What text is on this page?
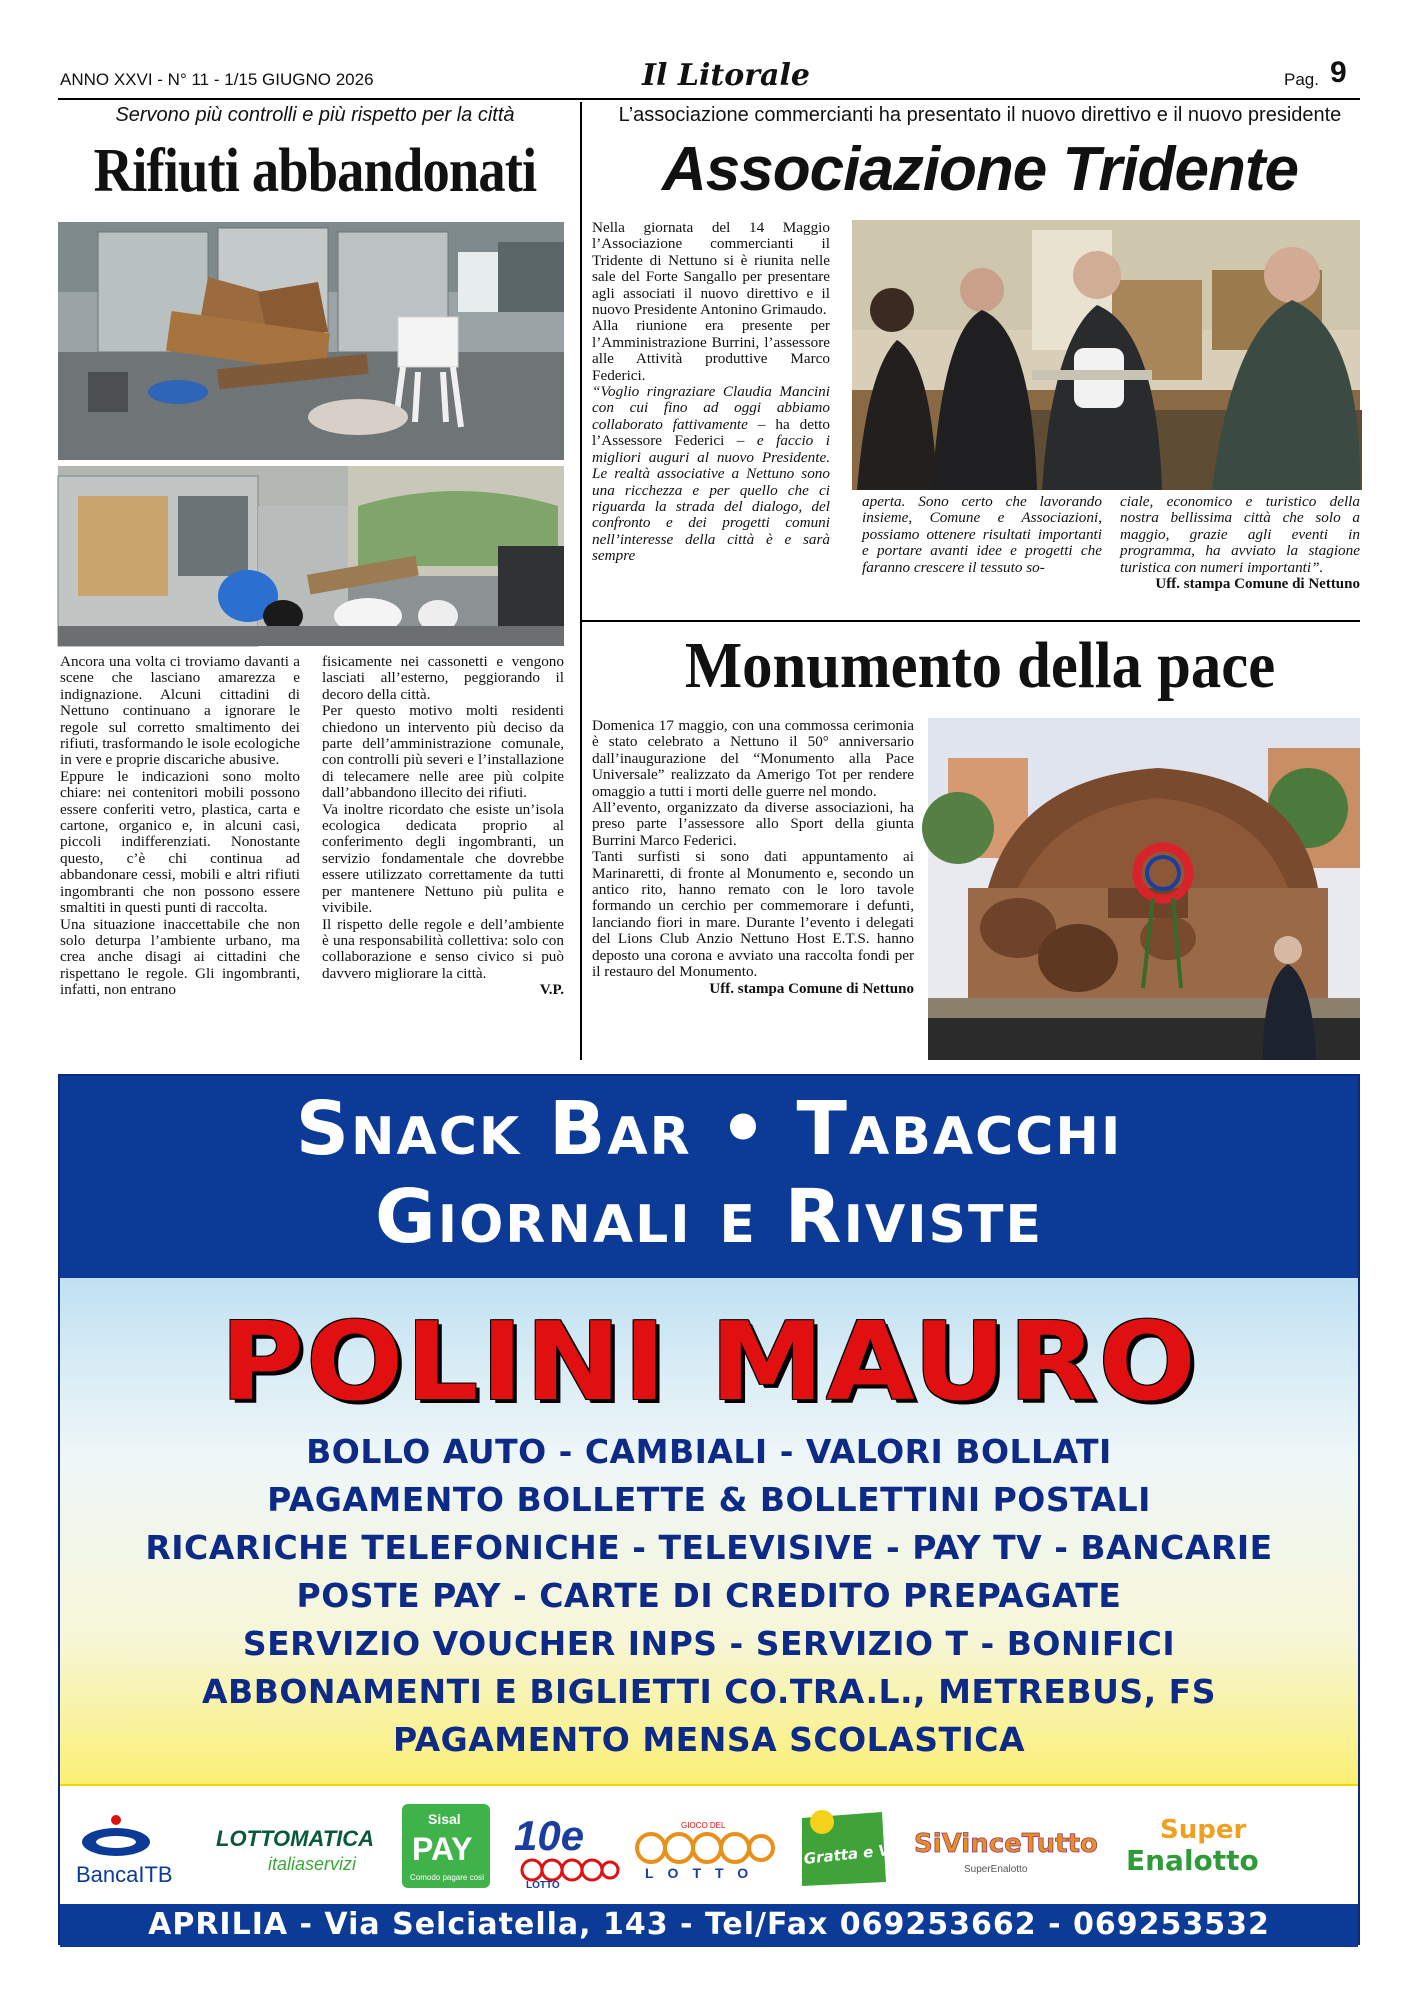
ANNO XXVI - N° 11 - 1/15 GIUGNO 2026	Il Litorale	Pag. 9
Servono più controlli e più rispetto per la città
Rifiuti abbandonati

Ancora una volta ci troviamo davanti a scene che lasciano amarezza e indignazione. Alcuni cittadini di Nettuno continuano a ignorare le regole sul corretto smaltimento dei rifiuti, trasformando le isole ecologiche in vere e proprie discariche abusive.

Eppure le indicazioni sono molto chiare: nei contenitori mobili possono essere conferiti vetro, plastica, carta e cartone, organico e, in alcuni casi, piccoli indifferenziati. Nonostante questo, c’è chi continua ad abbandonare cessi, mobili e altri rifiuti ingombranti che non possono essere smaltiti in questi punti di raccolta.

Una situazione inaccettabile che non solo deturpa l’ambiente urbano, ma crea anche disagi ai cittadini che rispettano le regole. Gli ingombranti, infatti, non entrano

fisicamente nei cassonetti e vengono lasciati all’esterno, peggiorando il decoro della città.

Per questo motivo molti residenti chiedono un intervento più deciso da parte dell’amministrazione comunale, con controlli più severi e l’installazione di telecamere nelle aree più colpite dall’abbandono illecito dei rifiuti.

Va inoltre ricordato che esiste un’isola ecologica dedicata proprio al conferimento degli ingombranti, un servizio fondamentale che dovrebbe essere utilizzato correttamente da tutti per mantenere Nettuno più pulita e vivibile.

Il rispetto delle regole e dell’ambiente è una responsabilità collettiva: solo con collaborazione e senso civico si può davvero migliorare la città.

V.P.

L’associazione commercianti ha presentato il nuovo direttivo e il nuovo presidente
Associazione Tridente

Nella giornata del 14 Maggio l’Associazione commercianti il Tridente di Nettuno si è riunita nelle sale del Forte Sangallo per presentare agli associati il nuovo direttivo e il nuovo Presidente Antonino Grimaudo.

Alla riunione era presente per l’Amministrazione Burrini, l’assessore alle Attività produttive Marco Federici.

“Voglio ringraziare Claudia Mancini con cui fino ad oggi abbiamo collaborato fattivamente – ha detto l’Assessore Federici – e faccio i migliori auguri al nuovo Presidente. Le realtà associative a Nettuno sono una ricchezza e per quello che ci riguarda la strada del dialogo, del confronto e dei progetti comuni nell’interesse della città è e sarà sempre

aperta. Sono certo che lavorando insieme, Comune e Associazioni, possiamo ottenere risultati importanti e portare avanti idee e progetti che faranno crescere il tessuto so-

ciale, economico e turistico della nostra bellissima città che solo a maggio, grazie agli eventi in programma, ha avviato la stagione turistica con numeri importanti”.

Uff. stampa Comune di Nettuno

Monumento della pace

Domenica 17 maggio, con una commossa cerimonia è stato celebrato a Nettuno il 50° anniversario dall’inaugurazione del “Monumento alla Pace Universale” realizzato da Amerigo Tot per rendere omaggio a tutti i morti delle guerre nel mondo.

All’evento, organizzato da diverse associazioni, ha preso parte l’assessore allo Sport della giunta Burrini Marco Federici.

Tanti surfisti si sono dati appuntamento ai Marinaretti, di fronte al Monumento e, secondo un antico rito, hanno remato con le loro tavole formando un cerchio per commemorare i defunti, lanciando fiori in mare. Durante l’evento i delegati del Lions Club Anzio Nettuno Host E.T.S. hanno deposto una corona e avviato una raccolta fondi per il restauro del Monumento.

Uff. stampa Comune di Nettuno

Snack Bar • Tabacchi
Giornali e Riviste
POLINI MAURO
BOLLO AUTO - CAMBIALI - VALORI BOLLATI
PAGAMENTO BOLLETTE & BOLLETTINI POSTALI
RICARICHE TELEFONICHE - TELEVISIVE - PAY TV - BANCARIE
POSTE PAY - CARTE DI CREDITO PREPAGATE
SERVIZIO VOUCHER INPS - SERVIZIO T - BONIFICI
ABBONAMENTI E BIGLIETTI CO.TRA.L., METREBUS, FS
PAGAMENTO MENSA SCOLASTICA
BancaITB
LOTTOMATICA
italiaservizi
Sisal
PAY
Comodo pagare così
10e
LOTTO
GIOCO DEL
LOTTO
Gratta e Vinci!
SiVinceTutto
SuperEnalotto
Super
Enalotto
APRILIA - Via Selciatella, 143 - Tel/Fax 069253662 - 069253532
